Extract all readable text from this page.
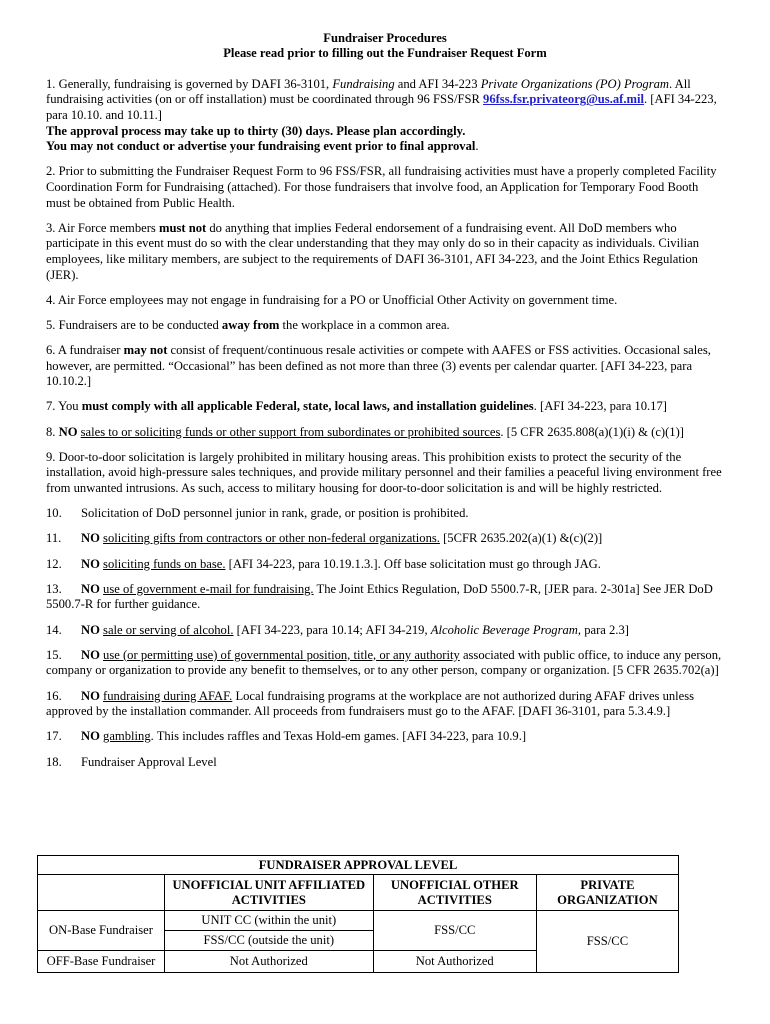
Fundraiser Procedures
Please read prior to filling out the Fundraiser Request Form

1. Generally, fundraising is governed by DAFI 36-3101, Fundraising and AFI 34-223 Private Organizations (PO) Program. All fundraising activities (on or off installation) must be coordinated through 96 FSS/FSR 96fss.fsr.privateorg@us.af.mil. [AFI 34-223, para 10.10. and 10.11.]
The approval process may take up to thirty (30) days. Please plan accordingly.
You may not conduct or advertise your fundraising event prior to final approval.

2. Prior to submitting the Fundraiser Request Form to 96 FSS/FSR, all fundraising activities must have a properly completed Facility Coordination Form for Fundraising (attached). For those fundraisers that involve food, an Application for Temporary Food Booth must be obtained from Public Health.

3. Air Force members must not do anything that implies Federal endorsement of a fundraising event. All DoD members who participate in this event must do so with the clear understanding that they may only do so in their capacity as individuals. Civilian employees, like military members, are subject to the requirements of DAFI 36-3101, AFI 34-223, and the Joint Ethics Regulation (JER).

4. Air Force employees may not engage in fundraising for a PO or Unofficial Other Activity on government time.

5. Fundraisers are to be conducted away from the workplace in a common area.

6. A fundraiser may not consist of frequent/continuous resale activities or compete with AAFES or FSS activities. Occasional sales, however, are permitted. “Occasional” has been defined as not more than three (3) events per calendar quarter. [AFI 34-223, para 10.10.2.]

7. You must comply with all applicable Federal, state, local laws, and installation guidelines. [AFI 34-223, para 10.17]

8. NO sales to or soliciting funds or other support from subordinates or prohibited sources. [5 CFR 2635.808(a)(1)(i) & (c)(1)]

9. Door-to-door solicitation is largely prohibited in military housing areas. This prohibition exists to protect the security of the installation, avoid high-pressure sales techniques, and provide military personnel and their families a peaceful living environment free from unwanted intrusions. As such, access to military housing for door-to-door solicitation is and will be highly restricted.

10. Solicitation of DoD personnel junior in rank, grade, or position is prohibited.

11. NO soliciting gifts from contractors or other non-federal organizations. [5CFR 2635.202(a)(1) &(c)(2)]

12. NO soliciting funds on base. [AFI 34-223, para 10.19.1.3.]. Off base solicitation must go through JAG.

13. NO use of government e-mail for fundraising. The Joint Ethics Regulation, DoD 5500.7-R, [JER para. 2-301a] See JER DoD 5500.7-R for further guidance.

14. NO sale or serving of alcohol. [AFI 34-223, para 10.14; AFI 34-219, Alcoholic Beverage Program, para 2.3]

15. NO use (or permitting use) of governmental position, title, or any authority associated with public office, to induce any person, company or organization to provide any benefit to themselves, or to any other person, company or organization. [5 CFR 2635.702(a)]

16. NO fundraising during AFAF. Local fundraising programs at the workplace are not authorized during AFAF drives unless approved by the installation commander. All proceeds from fundraisers must go to the AFAF. [DAFI 36-3101, para 5.3.4.9.]

17. NO gambling. This includes raffles and Texas Hold-em games. [AFI 34-223, para 10.9.]

18. Fundraiser Approval Level

FUNDRAISER APPROVAL LEVEL			
	UNOFFICIAL UNIT AFFILIATED ACTIVITIES	UNOFFICIAL OTHER ACTIVITIES	PRIVATE ORGANIZATION
ON-Base Fundraiser	UNIT CC (within the unit)	FSS/CC	FSS/CC
	FSS/CC (outside the unit)		
OFF-Base Fundraiser	Not Authorized	Not Authorized	
